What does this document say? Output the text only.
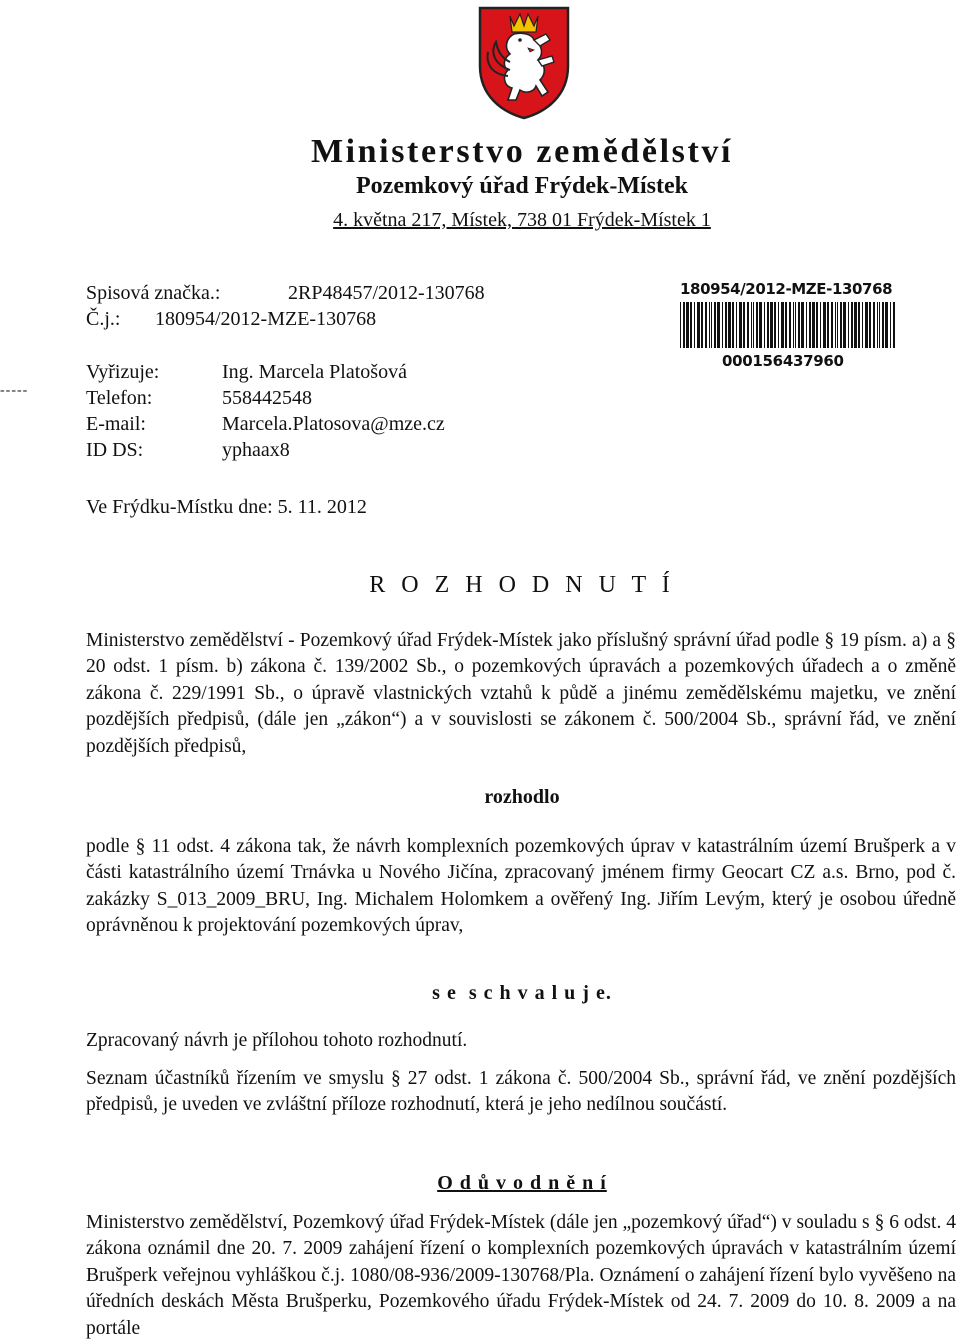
Ministerstvo zemědělství
Pozemkový úřad Frýdek-Místek
4. května 217, Místek, 738 01 Frýdek-Místek 1
Spisová značka.:	2RP48457/2012-130768
Č.j.: 180954/2012-MZE-130768
Vyřizuje:	Ing. Marcela Platošová
Telefon:	558442548
E-mail:	Marcela.Platosova@mze.cz
ID DS:	yphaax8
-----
180954/2012-MZE-130768
000156437960
Ve Frýdku-Místku dne: 5. 11. 2012
R O Z H O D N U T Í

Ministerstvo zemědělství - Pozemkový úřad Frýdek-Místek jako příslušný správní úřad podle § 19 písm. a) a § 20 odst. 1 písm. b) zákona č. 139/2002 Sb., o pozemkových úpravách a pozemkových úřadech a o změně zákona č. 229/1991 Sb., o úpravě vlastnických vztahů k půdě a jinému zemědělskému majetku, ve znění pozdějších předpisů, (dále jen „zákon“) a v souvislosti se zákonem č. 500/2004 Sb., správní řád, ve znění pozdějších předpisů,

rozhodlo

podle § 11 odst. 4 zákona tak, že návrh komplexních pozemkových úprav v katastrálním území Brušperk a v části katastrálního území Trnávka u Nového Jičína, zpracovaný jménem firmy Geocart CZ a.s. Brno, pod č. zakázky S_013_2009_BRU, Ing. Michalem Holomkem a ověřený Ing. Jiřím Levým, který je osobou úředně oprávněnou k projektování pozemkových úprav,

s e  s c h v a l u j e.

Zpracovaný návrh je přílohou tohoto rozhodnutí.

Seznam účastníků řízením ve smyslu § 27 odst. 1 zákona č. 500/2004 Sb., správní řád, ve znění pozdějších předpisů, je uveden ve zvláštní příloze rozhodnutí, která je jeho nedílnou součástí.

O d ů v o d n ě n í

Ministerstvo zemědělství, Pozemkový úřad Frýdek-Místek (dále jen „pozemkový úřad“) v souladu s § 6 odst. 4 zákona oznámil dne 20. 7. 2009 zahájení řízení o komplexních pozemkových úpravách v katastrálním území Brušperk veřejnou vyhláškou č.j. 1080/08-936/2009-130768/Pla. Oznámení o zahájení řízení bylo vyvěšeno na úředních deskách Města Brušperku, Pozemkového úřadu Frýdek-Místek od 24. 7. 2009 do 10. 8. 2009 a na portále
